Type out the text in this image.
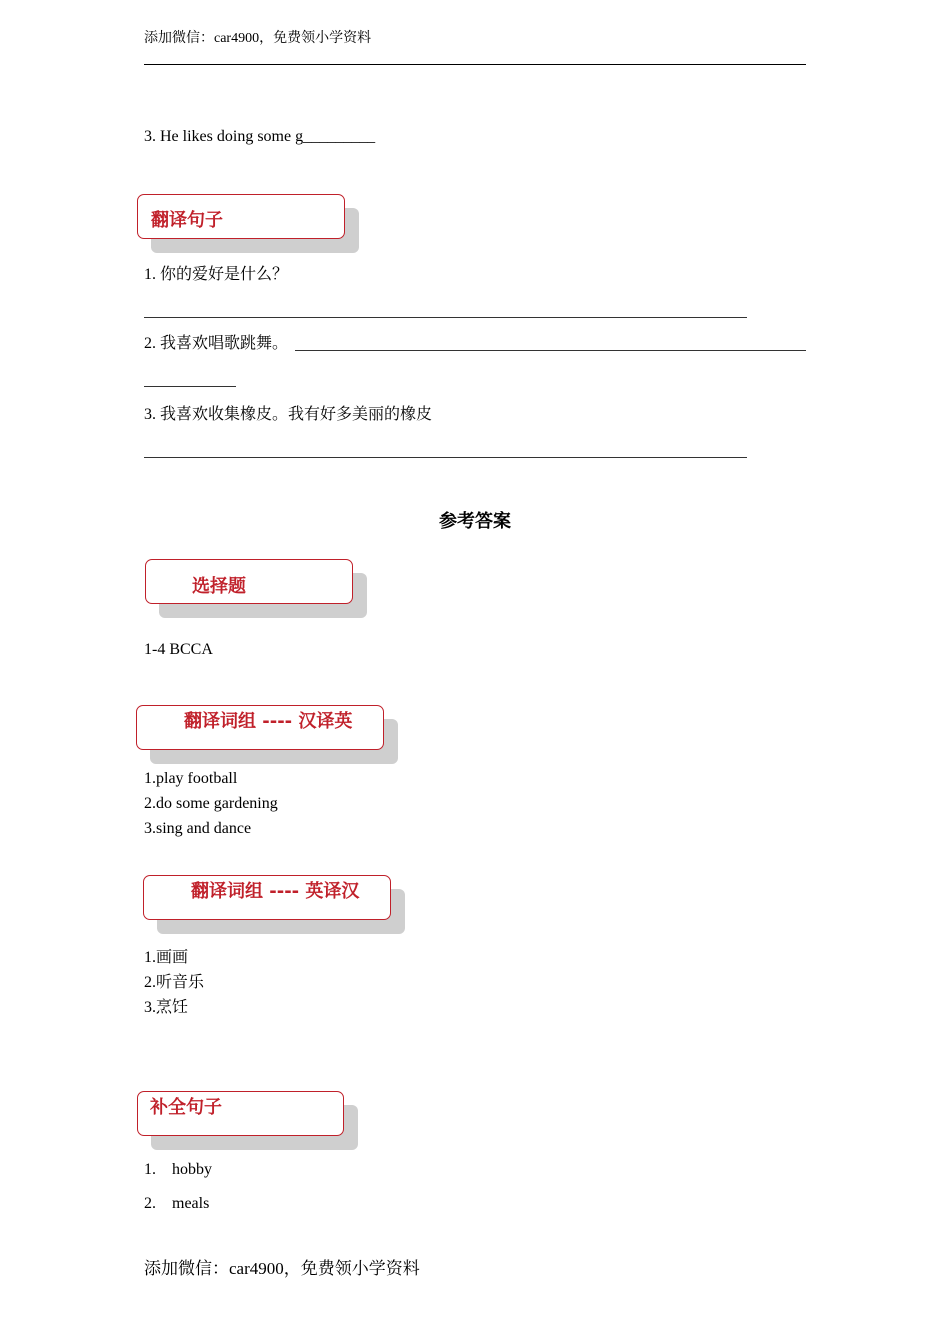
添加微信：car4900，免费领小学资料
3. He likes doing some g_________
翻译句子
1. 你的爱好是什么？
2. 我喜欢唱歌跳舞。
3. 我喜欢收集橡皮。我有好多美丽的橡皮
参考答案
选择题
1-4 BCCA
翻译词组 ---- 汉译英
1.play football
2.do some gardening
3.sing and dance
翻译词组 ---- 英译汉
1.画画
2.听音乐
3.烹饪
补全句子
1. hobby
2. meals
添加微信：car4900，免费领小学资料
